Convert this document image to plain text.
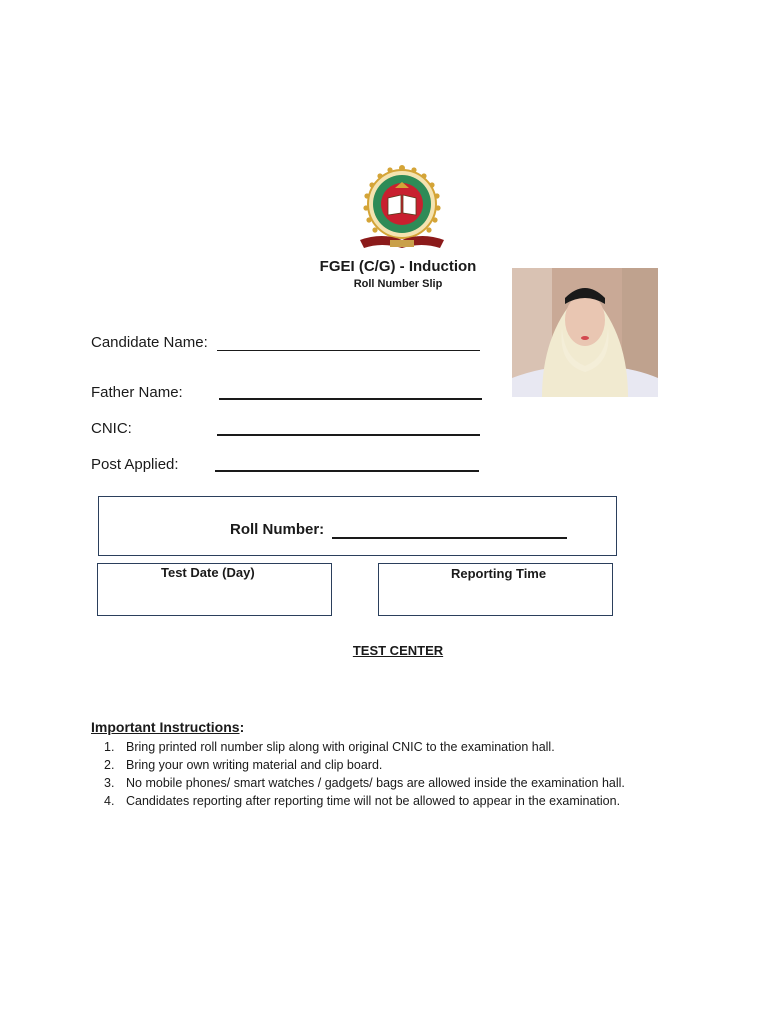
FGEI (C/G) - Induction
Roll Number Slip
Candidate Name:
Father Name:
CNIC:
Post Applied:
Roll Number:
Test Date (Day)	Reporting Time
TEST CENTER
Important Instructions:
1. Bring printed roll number slip along with original CNIC to the examination hall.
2. Bring your own writing material and clip board.
3. No mobile phones/ smart watches / gadgets/ bags are allowed inside the examination hall.
4. Candidates reporting after reporting time will not be allowed to appear in the examination.
